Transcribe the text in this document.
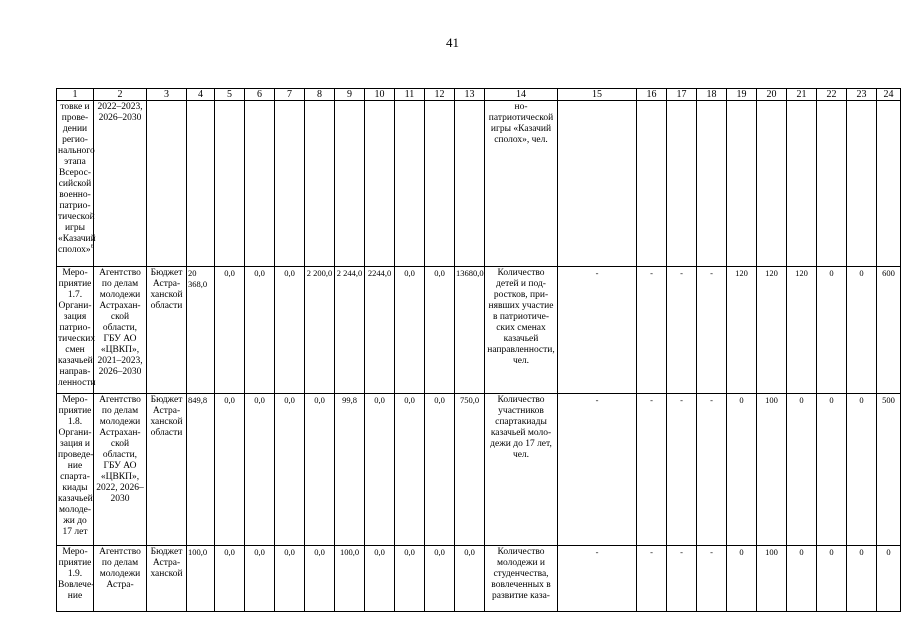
41
1	2	3	4	5	6	7	8	9	10	11	12	13	14	15	16	17	18	19	20	21	22	23	24
товке и проведении регионального этапа Всероссийской военно-патриотической игры «Казачий сполох»$^6$	2022–2023, 2026–2030												но-патриотической игры «Казачий сполох», чел.										
Мероприятие 1.7. Организация патриотических смен казачьей направленности	Агентство по делам молодежи Астраханской области, ГБУ АО «ЦВКП», 2021–2023, 2026–2030	Бюджет Астраханской области	20 368,0	0,0	0,0	0,0	2 200,0	2 244,0	2244,0	0,0	0,0	13680,0	Количество детей и подростков, принявших участие в патриотических сменах казачьей направленности, чел.	-	-	-	-	120	120	120	0	0	600
Мероприятие 1.8. Организация и проведение спартакиады казачьей молодежи до 17 лет	Агентство по делам молодежи Астраханской области, ГБУ АО «ЦВКП», 2022, 2026–2030	Бюджет Астраханской области	849,8	0,0	0,0	0,0	0,0	99,8	0,0	0,0	0,0	750,0	Количество участников спартакиады казачьей молодежи до 17 лет, чел.	-	-	-	-	0	100	0	0	0	500
Мероприятие 1.9. Вовлечение	Агентство по делам молодежи Астра-	Бюджет Астраханской	100,0	0,0	0,0	0,0	0,0	100,0	0,0	0,0	0,0	0,0	Количество молодежи и студенчества, вовлеченных в развитие каза-	-	-	-	-	0	100	0	0	0	0
